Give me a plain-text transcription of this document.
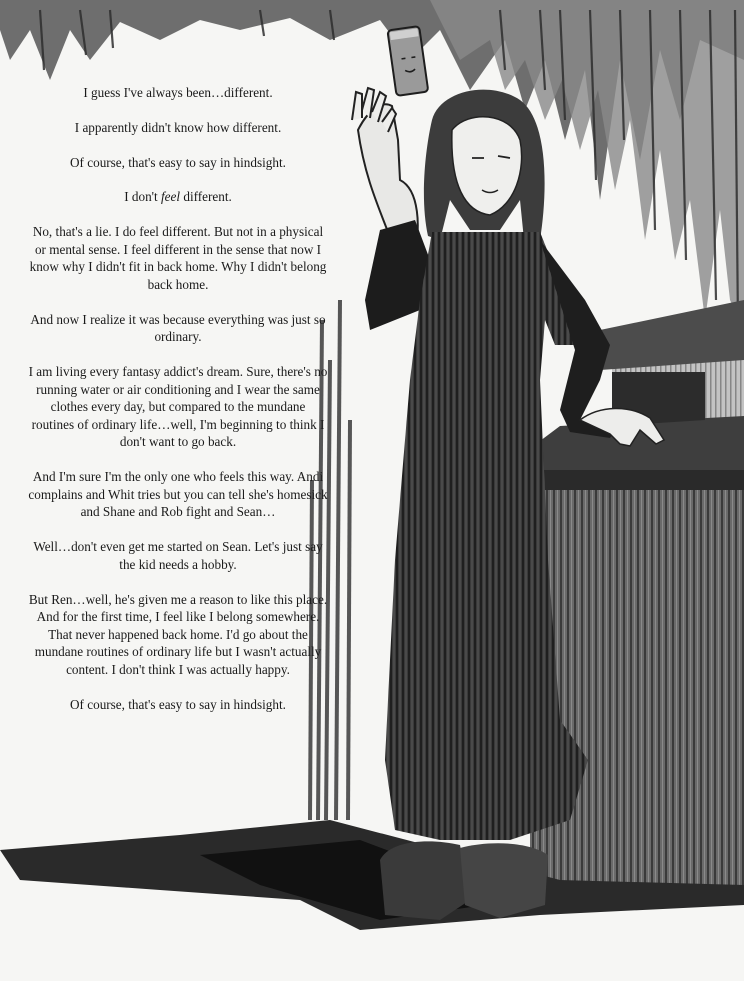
I guess I've always been…different.

I apparently didn't know how different.

Of course, that's easy to say in hindsight.

I don't feel different.

No, that's a lie. I do feel different. But not in a physical or mental sense. I feel different in the sense that now I know why I didn't fit in back home. Why I didn't belong back home.

And now I realize it was because everything was just so ordinary.

I am living every fantasy addict's dream. Sure, there's no running water or air conditioning and I wear the same clothes every day, but compared to the mundane routines of ordinary life…well, I'm beginning to think I don't want to go back.

And I'm sure I'm the only one who feels this way. Andi complains and Whit tries but you can tell she's homesick and Shane and Rob fight and Sean…

Well…don't even get me started on Sean. Let's just say the kid needs a hobby.

But Ren…well, he's given me a reason to like this place. And for the first time, I feel like I belong somewhere. That never happened back home. I'd go about the mundane routines of ordinary life but I wasn't actually content. I don't think I was actually happy.

Of course, that's easy to say in hindsight.
